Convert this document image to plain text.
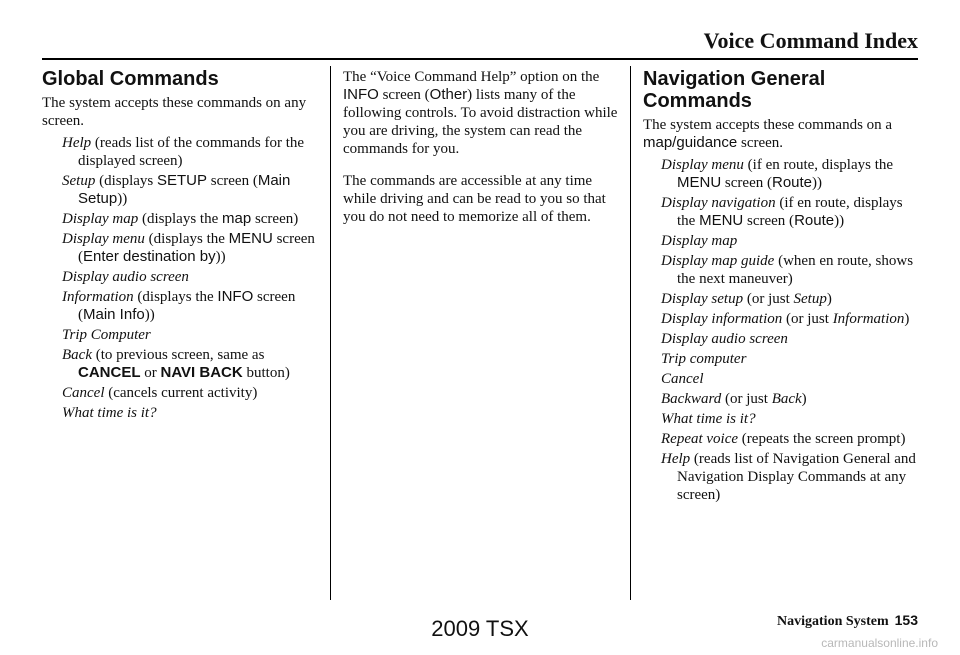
Voice Command Index
Global Commands

The system accepts these commands on any screen.

Help (reads list of the commands for the displayed screen)
Setup (displays SETUP screen (Main Setup))
Display map (displays the map screen)
Display menu (displays the MENU screen (Enter destination by))
Display audio screen
Information (displays the INFO screen (Main Info))
Trip Computer
Back (to previous screen, same as CANCEL or NAVI BACK button)
Cancel (cancels current activity)
What time is it?

The “Voice Command Help” option on the INFO screen (Other) lists many of the following controls. To avoid distraction while you are driving, the system can read the commands for you.

The commands are accessible at any time while driving and can be read to you so that you do not need to memorize all of them.

Navigation General Commands

The system accepts these commands on a map/guidance screen.

Display menu (if en route, displays the MENU screen (Route))
Display navigation (if en route, displays the MENU screen (Route))
Display map
Display map guide (when en route, shows the next maneuver)
Display setup (or just Setup)
Display information (or just Information)
Display audio screen
Trip computer
Cancel
Backward (or just Back)
What time is it?
Repeat voice (repeats the screen prompt)
Help (reads list of Navigation General and Navigation Display Commands at any screen)
Navigation System 153
2009 TSX
carmanualsonline.info
